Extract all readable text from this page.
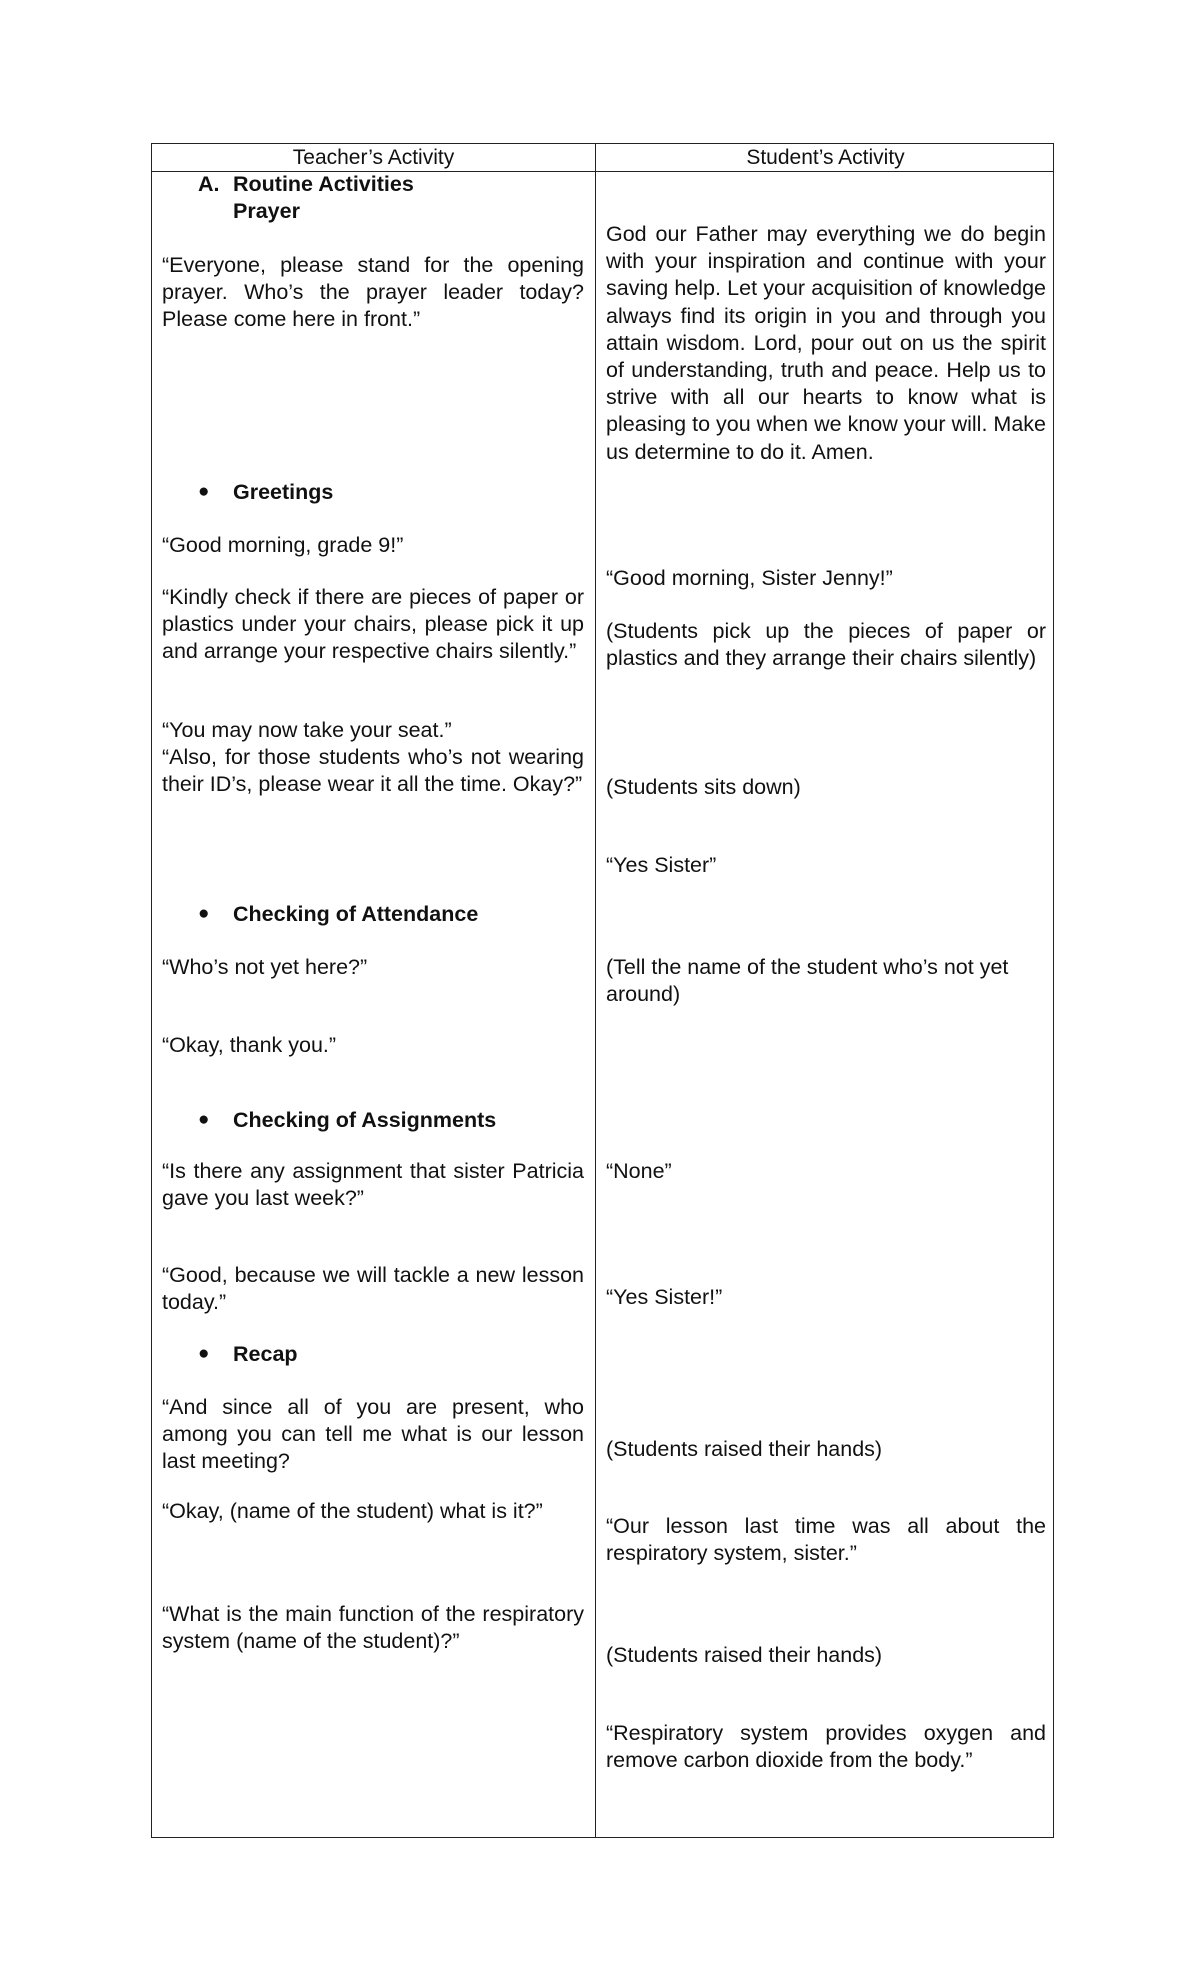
Teacher’s Activity	Student’s Activity
A. Routine Activities
Prayer
“Everyone, please stand for the opening prayer. Who’s the prayer leader today? Please come here in front.”
● Greetings
“Good morning, grade 9!”
“Kindly check if there are pieces of paper or plastics under your chairs, please pick it up and arrange your respective chairs silently.”
“You may now take your seat.”
“Also, for those students who’s not wearing their ID’s, please wear it all the time. Okay?”
● Checking of Attendance
“Who’s not yet here?”
“Okay, thank you.”
● Checking of Assignments
“Is there any assignment that sister Patricia gave you last week?”
“Good, because we will tackle a new lesson today.”
● Recap
“And since all of you are present, who among you can tell me what is our lesson last meeting?
“Okay, (name of the student) what is it?”
“What is the main function of the respiratory system (name of the student)?”
God our Father may everything we do begin with your inspiration and continue with your saving help. Let your acquisition of knowledge always find its origin in you and through you attain wisdom. Lord, pour out on us the spirit of understanding, truth and peace. Help us to strive with all our hearts to know what is pleasing to you when we know your will. Make us determine to do it. Amen.
“Good morning, Sister Jenny!”
(Students pick up the pieces of paper or plastics and they arrange their chairs silently)
(Students sits down)
“Yes Sister”
(Tell the name of the student who’s not yet around)
“None”
“Yes Sister!”
(Students raised their hands)
“Our lesson last time was all about the respiratory system, sister.”
(Students raised their hands)
“Respiratory system provides oxygen and remove carbon dioxide from the body.”
